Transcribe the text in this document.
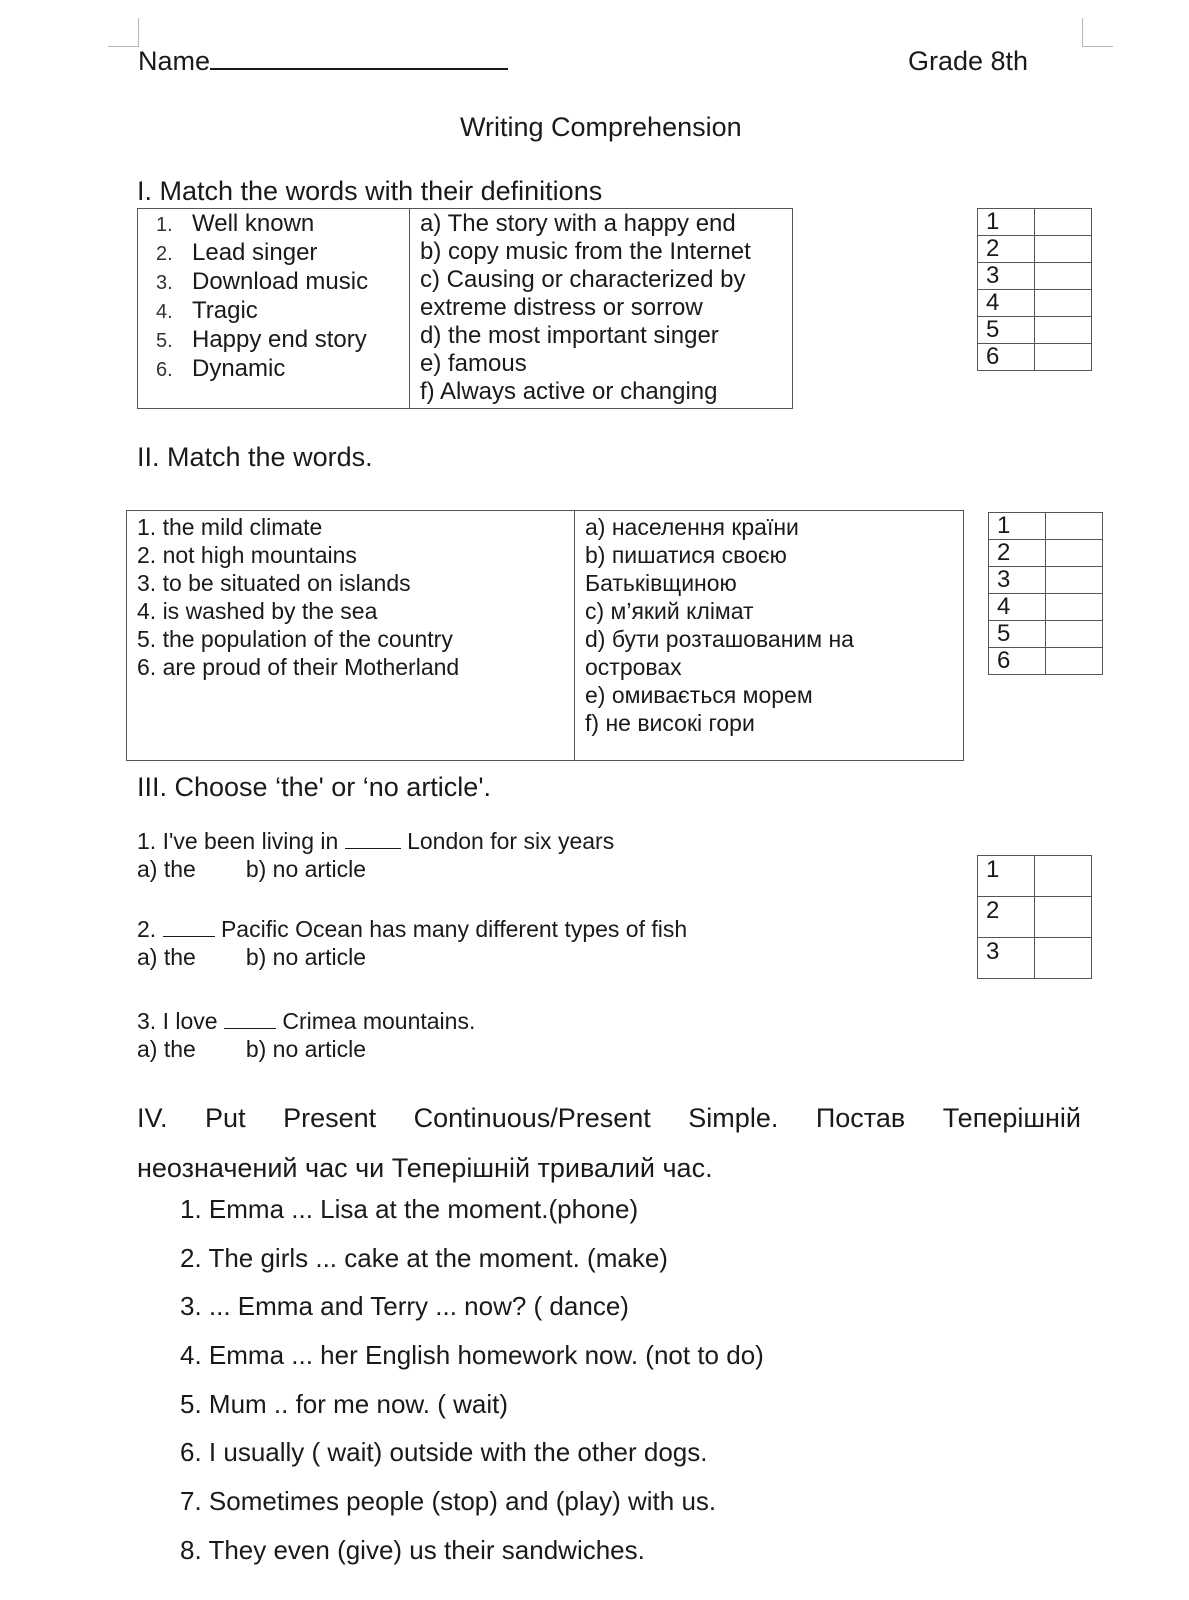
Name	Grade 8th
Writing Comprehension
I. Match the words with their definitions
1. Well known
2. Lead singer
3. Download music
4. Tragic
5. Happy end story
6. Dynamic

a) The story with a happy end
b) copy music from the Internet
c) Causing or characterized by
extreme distress or sorrow
d) the most important singer
e) famous
f) Always active or changing
1	
2	
3	
4	
5	
6	
II. Match the words.
1. the mild climate
2. not high mountains
3. to be situated on islands
4. is washed by the sea
5. the population of the country
6. are proud of their Motherland

a) населення країни
b) пишатися своєю
Батьківщиною
c) м’який клімат
d) бути розташованим на
островах
e) омивається морем
f) не високі гори
1	
2	
3	
4	
5	
6	
III. Choose ‘the' or ‘no article'.
1. I've been living in	London for six years
a) the b) no article
2.	Pacific Ocean has many different types of fish
a) the b) no article
3. I love	Crimea mountains.
a) the b) no article
1	
2	
3	
IV. Put Present Continuous/Present Simple. Постав Теперішній
неозначений час чи Теперішній тривалий час.
1. Emma ... Lisa at the moment.(phone)
2. The girls ... cake at the moment. (make)
3. ... Emma and Terry ... now? ( dance)
4. Emma ... her English homework now. (not to do)
5. Mum .. for me now. ( wait)
6. I usually ( wait) outside with the other dogs.
7. Sometimes people (stop) and (play) with us.
8. They even (give) us their sandwiches.
